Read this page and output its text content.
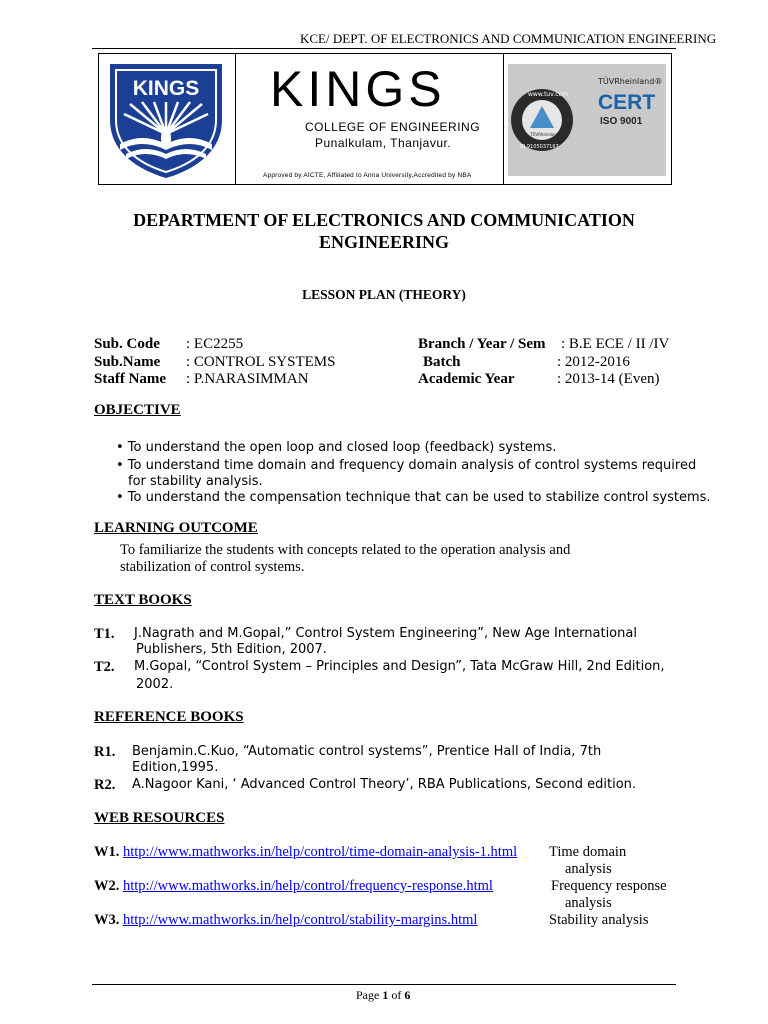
KCE/ DEPT. OF ELECTRONICS AND COMMUNICATION ENGINEERING
KINGS KINGS
COLLEGE OF ENGINEERING
Punalkulam, Thanjavur.
Approved by AICTE, Affiliated to Anna University,Accredited by NBA
www.tuv.com
ID 9105037167
TÜVRheinland
TÜVRheinland®
CERT
ISO 9001
DEPARTMENT OF ELECTRONICS AND COMMUNICATION
ENGINEERING
LESSON PLAN (THEORY)
Sub. Code : EC2255	Branch / Year / Sem : B.E ECE / II /IV
Sub.Name : CONTROL SYSTEMS	Batch	: 2012-2016
Staff Name : P.NARASIMMAN	Academic Year	: 2013-14 (Even)
OBJECTIVE
• To understand the open loop and closed loop (feedback) systems.
• To understand time domain and frequency domain analysis of control systems required
for stability analysis.
• To understand the compensation technique that can be used to stabilize control systems.
LEARNING OUTCOME
To familiarize the students with concepts related to the operation analysis and
stabilization of control systems.
TEXT BOOKS
T1. J.Nagrath and M.Gopal,” Control System Engineering”, New Age International
Publishers, 5th Edition, 2007.
T2. M.Gopal, “Control System – Principles and Design”, Tata McGraw Hill, 2nd Edition,
2002.
REFERENCE BOOKS
R1. Benjamin.C.Kuo, “Automatic control systems”, Prentice Hall of India, 7th
Edition,1995.
R2. A.Nagoor Kani, ‘ Advanced Control Theory’, RBA Publications, Second edition.
WEB RESOURCES
W1. http://www.mathworks.in/help/control/time-domain-analysis-1.html Time domain
analysis
W2. http://www.mathworks.in/help/control/frequency-response.html	Frequency response
analysis
W3. http://www.mathworks.in/help/control/stability-margins.html	Stability analysis
Page 1 of 6
